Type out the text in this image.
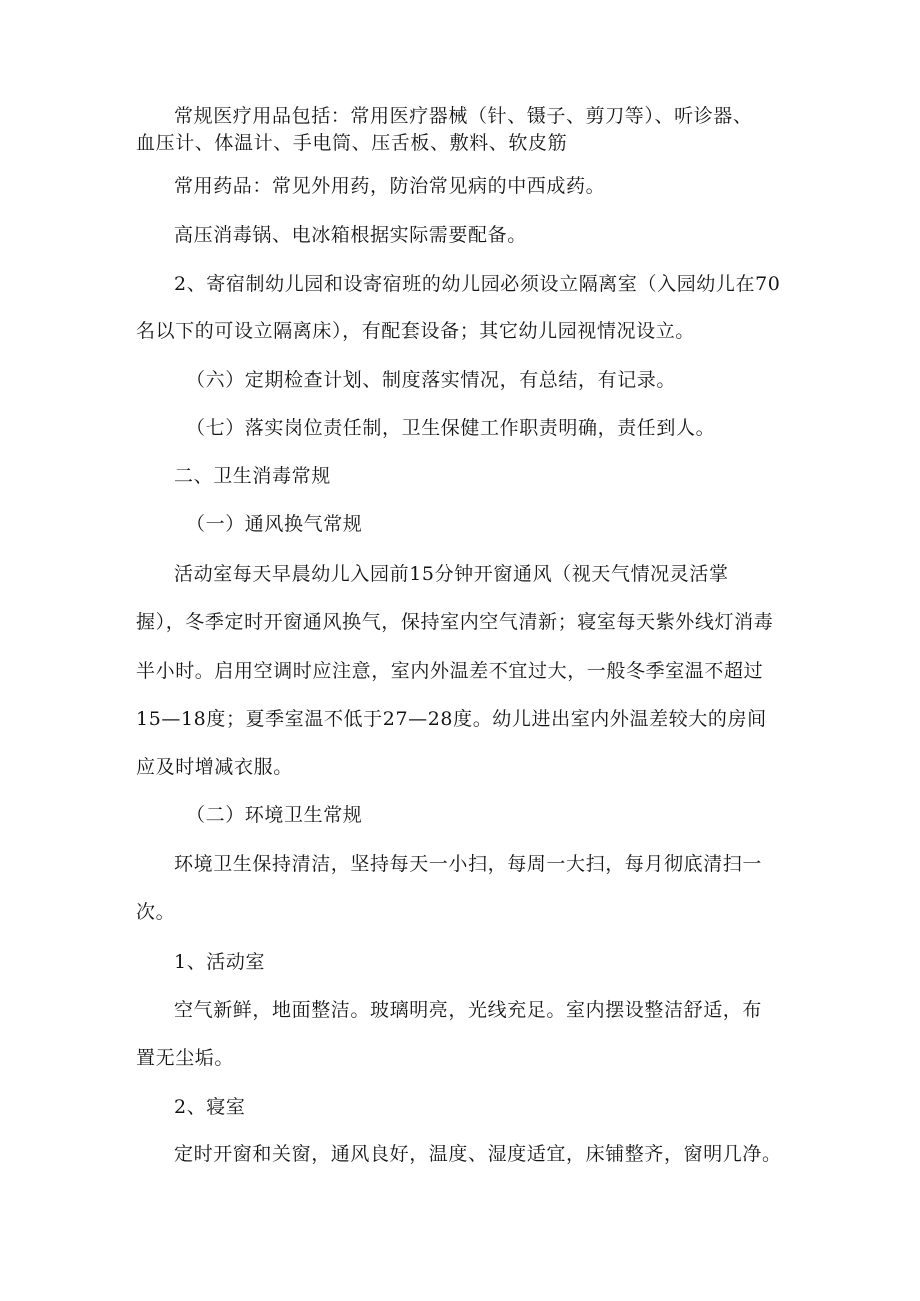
常规医疗用品包括：常用医疗器械（针、镊子、剪刀等）、听诊器、
血压计、体温计、手电筒、压舌板、敷料、软皮筋
常用药品：常见外用药，防治常见病的中西成药。
高压消毒锅、电冰箱根据实际需要配备。
2、寄宿制幼儿园和设寄宿班的幼儿园必须设立隔离室（入园幼儿在70
名以下的可设立隔离床），有配套设备；其它幼儿园视情况设立。
（六）定期检查计划、制度落实情况，有总结，有记录。
（七）落实岗位责任制，卫生保健工作职责明确，责任到人。
二、卫生消毒常规
（一）通风换气常规
活动室每天早晨幼儿入园前15分钟开窗通风（视天气情况灵活掌
握），冬季定时开窗通风换气，保持室内空气清新；寝室每天紫外线灯消毒
半小时。启用空调时应注意，室内外温差不宜过大，一般冬季室温不超过
15—18度；夏季室温不低于27—28度。幼儿进出室内外温差较大的房间
应及时增减衣服。
（二）环境卫生常规
环境卫生保持清洁，坚持每天一小扫，每周一大扫，每月彻底清扫一
次。
1、活动室
空气新鲜，地面整洁。玻璃明亮，光线充足。室内摆设整洁舒适，布
置无尘垢。
2、寝室
定时开窗和关窗，通风良好，温度、湿度适宜，床铺整齐，窗明几净。
